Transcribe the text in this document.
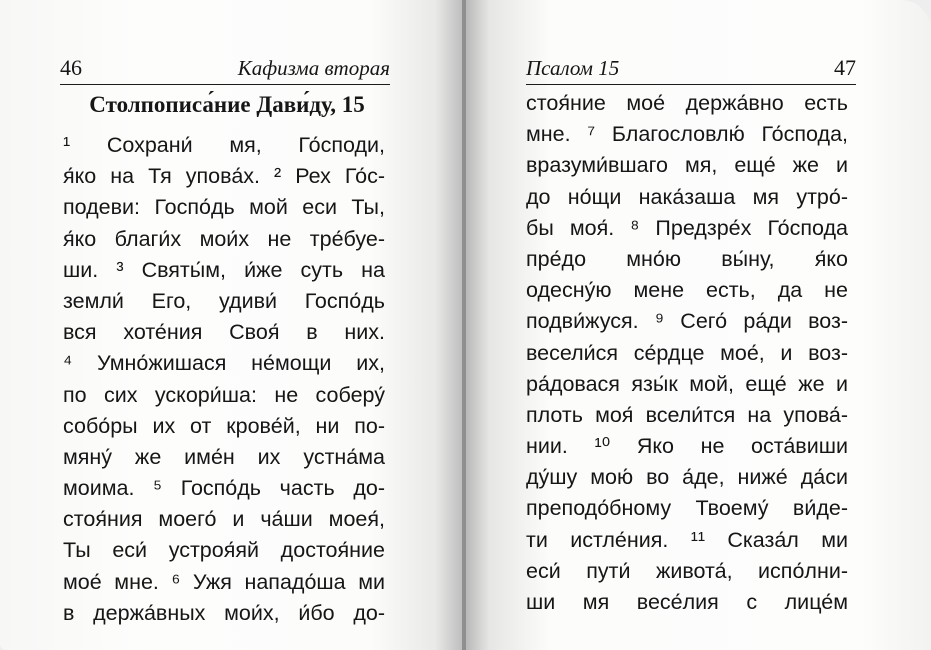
46	Кафизма вторая
Столпописа́ние Дави́ду, 15
¹ Сохрани́ мя, Го́споди,
я́ко на Тя упова́х. ² Рех Го́с-
подеви: Госпо́дь мой еси Ты,
я́ко благи́х мои́х не тре́буе-
ши. ³ Святы́м, и́же суть на
земли́ Его, удиви́ Госпо́дь
вся хоте́ния Своя́ в них.
⁴ Умно́жишася не́мощи их,
по сих ускори́ша: не соберу́
собо́ры их от крове́й, ни по-
мяну́ же име́н их устна́ма
моима. ⁵ Госпо́дь часть до-
стоя́ния моего́ и ча́ши моея́,
Ты еси́ устроя́яй достоя́ние
мое́ мне. ⁶ Ужя нападо́ша ми
в держа́вных мои́х, и́бо до-
Псалом 15	47
стоя́ние мое́ держа́вно есть
мне. ⁷ Благословлю́ Го́спода,
вразуми́вшаго мя, еще́ же и
до но́щи нака́заша мя утро́-
бы моя́. ⁸ Предзре́х Го́спода
пре́до мно́ю вы́ну, я́ко
одесну́ю мене есть, да не
подви́жуся. ⁹ Сего́ ра́ди воз-
весели́ся се́рдце мое́, и воз-
ра́довася язы́к мой, еще́ же и
плоть моя́ всели́тся на упова́-
нии. ¹⁰ Яко не оста́виши
ду́шу мою́ во а́де, ниже́ да́си
преподо́бному Твоему́ ви́де-
ти истле́ния. ¹¹ Сказа́л ми
еси́ пути́ живота́, испо́лни-
ши мя весе́лия с лице́м
